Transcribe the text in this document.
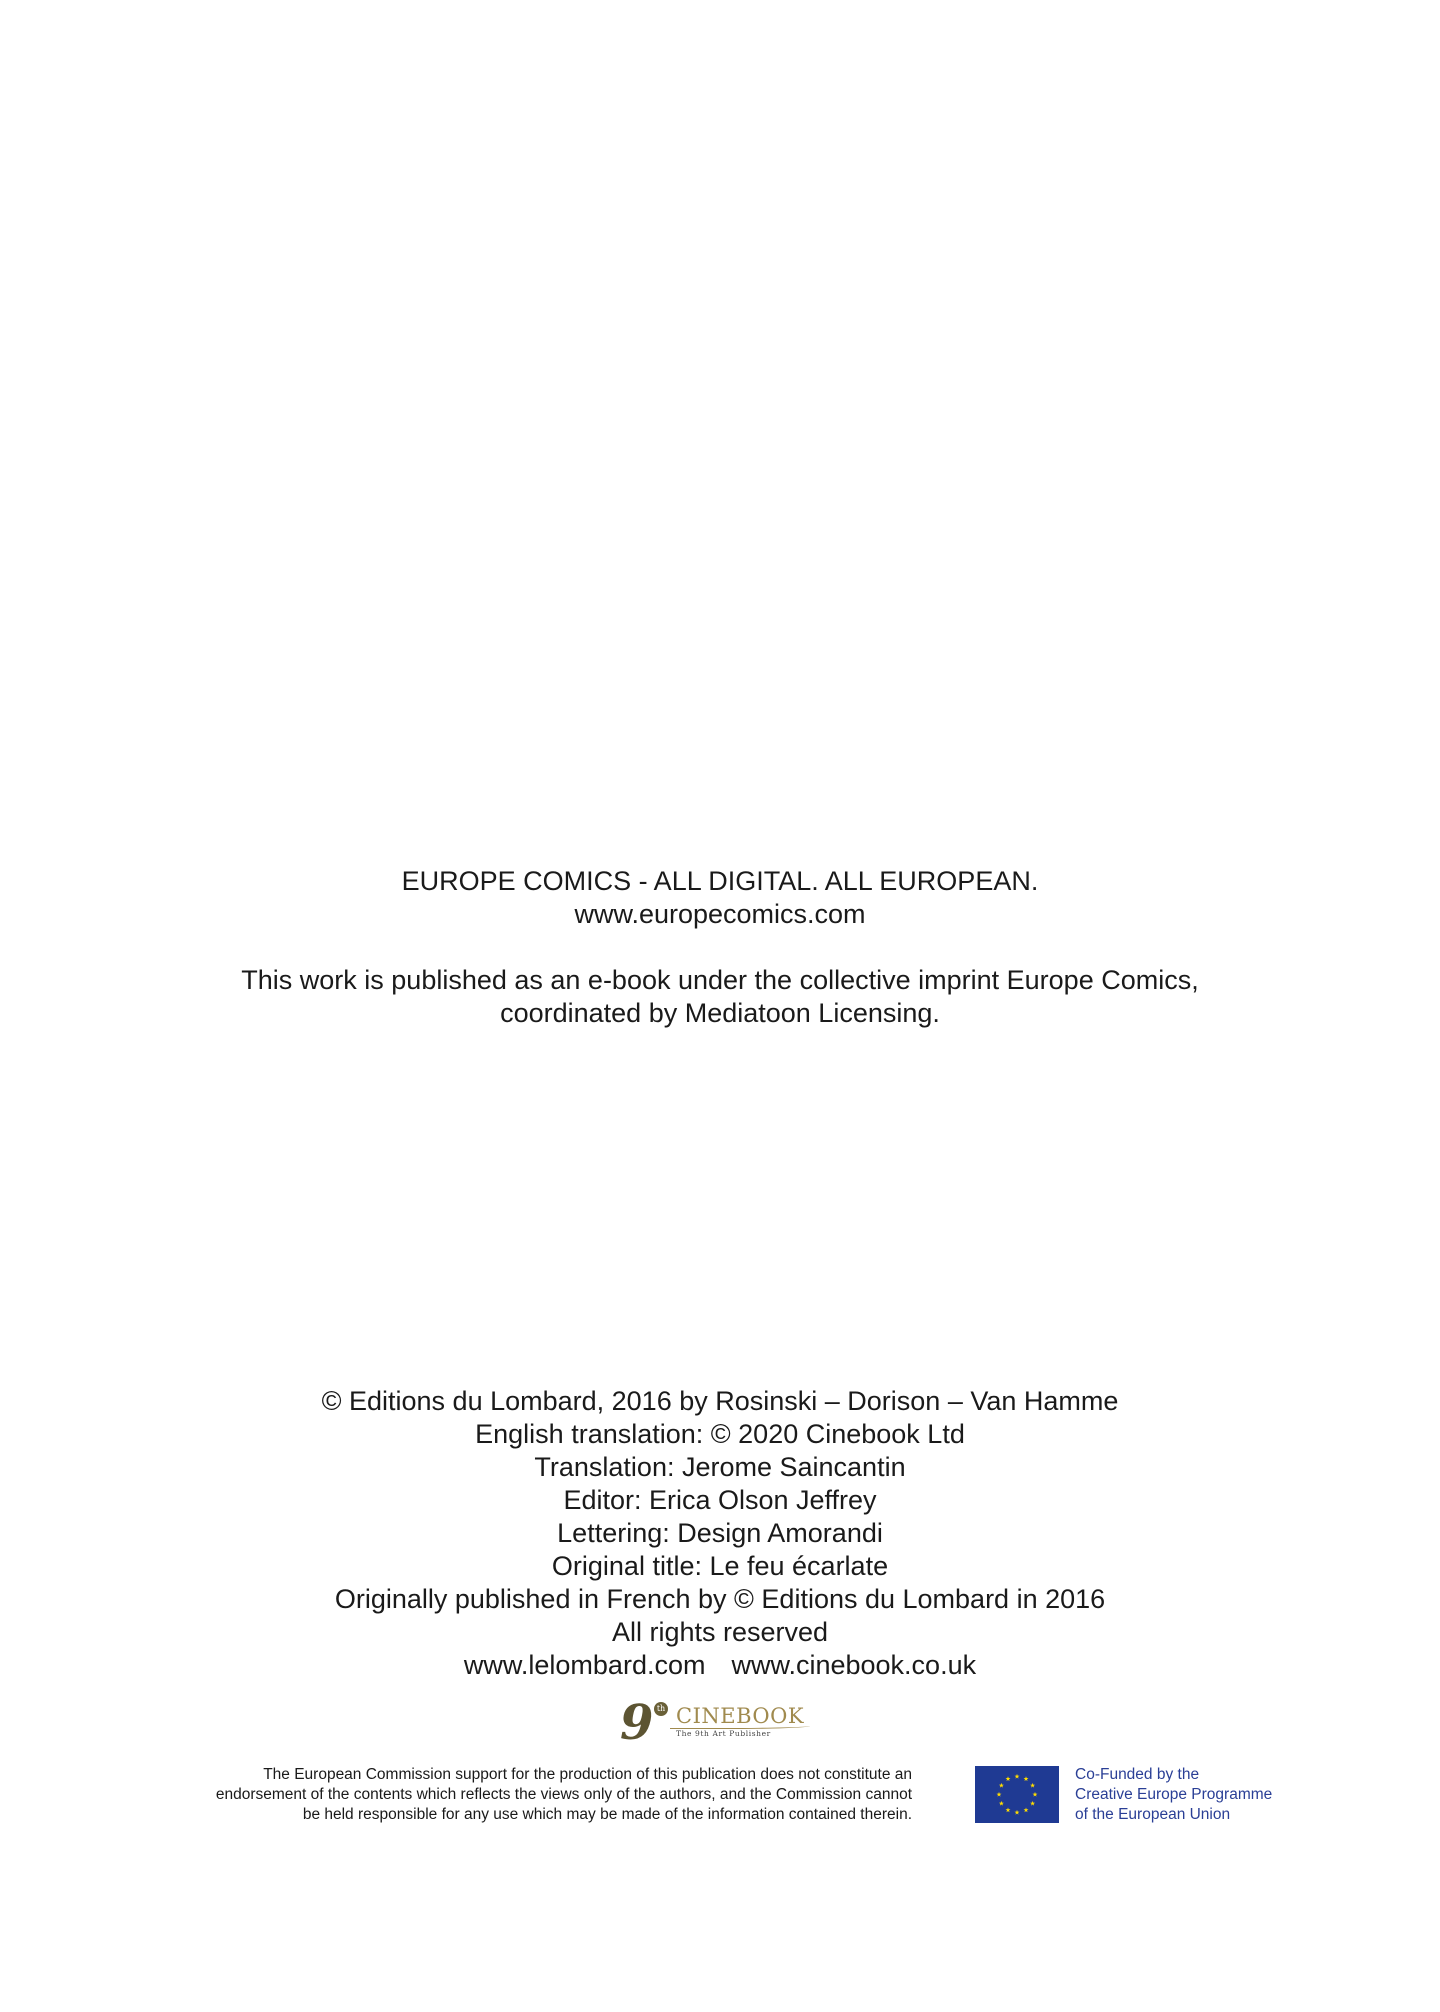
EUROPE COMICS - ALL DIGITAL. ALL EUROPEAN.
www.europecomics.com
This work is published as an e-book under the collective imprint Europe Comics,
coordinated by Mediatoon Licensing.
© Editions du Lombard, 2016 by Rosinski – Dorison – Van Hamme
English translation: © 2020 Cinebook Ltd
Translation: Jerome Saincantin
Editor: Erica Olson Jeffrey
Lettering: Design Amorandi
Original title: Le feu écarlate
Originally published in French by © Editions du Lombard in 2016
All rights reserved
www.lelombard.com www.cinebook.co.uk
9 th CINEBOOK
The 9th Art Publisher
The European Commission support for the production of this publication does not constitute an
endorsement of the contents which reflects the views only of the authors, and the Commission cannot
be held responsible for any use which may be made of the information contained therein.
Co-Funded by the
Creative Europe Programme
of the European Union
